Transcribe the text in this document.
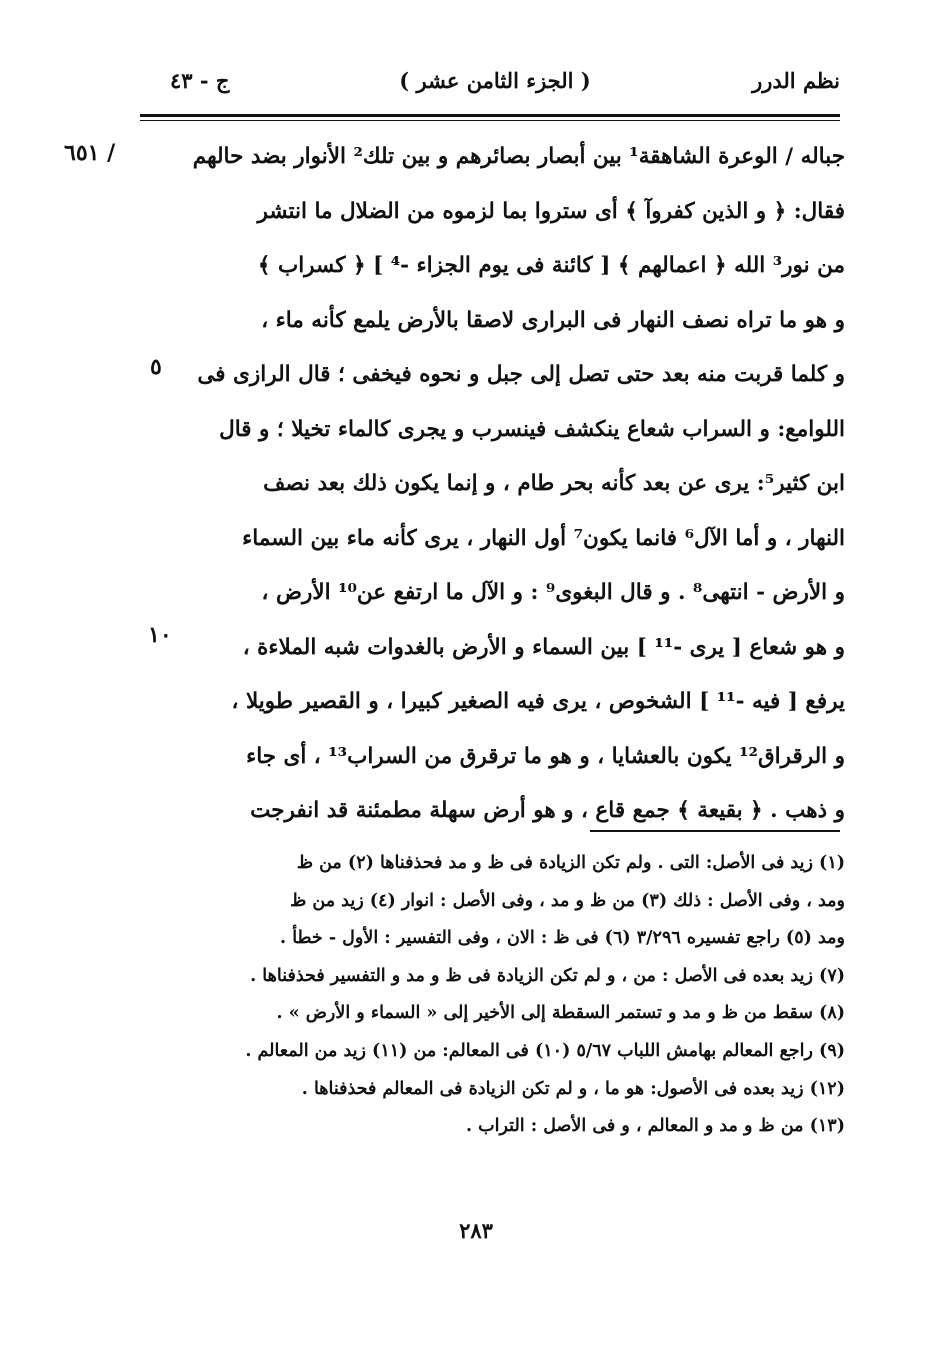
نظم الدرر
( الجزء الثامن عشر )
ج - ٤٣
/ ٦٥١
٥
١٠
جباله / الوعرة الشاهقة¹ بين أبصار بصائرهم و بين تلك² الأنوار بضد حالهم
فقال: ﴿ و الذين كفروآ ﴾ أى ستروا بما لزموه من الضلال ما انتشر
من نور³ الله ﴿ اعمالهم ﴾ [ كائنة فى يوم الجزاء -⁴ ] ﴿ كسراب ﴾
و هو ما تراه نصف النهار فى البرارى لاصقا بالأرض يلمع كأنه ماء ،
و كلما قربت منه بعد حتى تصل إلى جبل و نحوه فيخفى ؛ قال الرازى فى
اللوامع: و السراب شعاع ينكشف فينسرب و يجرى كالماء تخيلا ؛ و قال
ابن كثير⁵: يرى عن بعد كأنه بحر طام ، و إنما يكون ذلك بعد نصف
النهار ، و أما الآل⁶ فانما يكون⁷ أول النهار ، يرى كأنه ماء بين السماء
و الأرض - انتهى⁸ . و قال البغوى⁹ : و الآل ما ارتفع عن¹⁰ الأرض ،
و هو شعاع [ يرى -¹¹ ] بين السماء و الأرض بالغدوات شبه الملاءة ،
يرفع [ فيه -¹¹ ] الشخوص ، يرى فيه الصغير كبيرا ، و القصير طويلا ،
و الرقراق¹² يكون بالعشايا ، و هو ما ترقرق من السراب¹³ ، أى جاء
و ذهب . ﴿ بقيعة ﴾ جمع قاع ، و هو أرض سهلة مطمئنة قد انفرجت
(١) زيد فى الأصل: التى . ولم تكن الزيادة فى ظ و مد فحذفناها (٢) من ظ
ومد ، وفى الأصل : ذلك (٣) من ظ و مد ، وفى الأصل : انوار (٤) زيد من ظ
ومد (٥) راجع تفسيره ٣/٢٩٦ (٦) فى ظ : الان ، وفى التفسير : الأول - خطأ .
(٧) زيد بعده فى الأصل : من ، و لم تكن الزيادة فى ظ و مد و التفسير فحذفناها .
(٨) سقط من ظ و مد و تستمر السقطة إلى الأخير إلى « السماء و الأرض » .
(٩) راجع المعالم بهامش اللباب ٥/٦٧ (١٠) فى المعالم: من (١١) زيد من المعالم .
(١٢) زيد بعده فى الأصول: هو ما ، و لم تكن الزيادة فى المعالم فحذفناها .
(١٣) من ظ و مد و المعالم ، و فى الأصل : التراب .
٢٨٣
